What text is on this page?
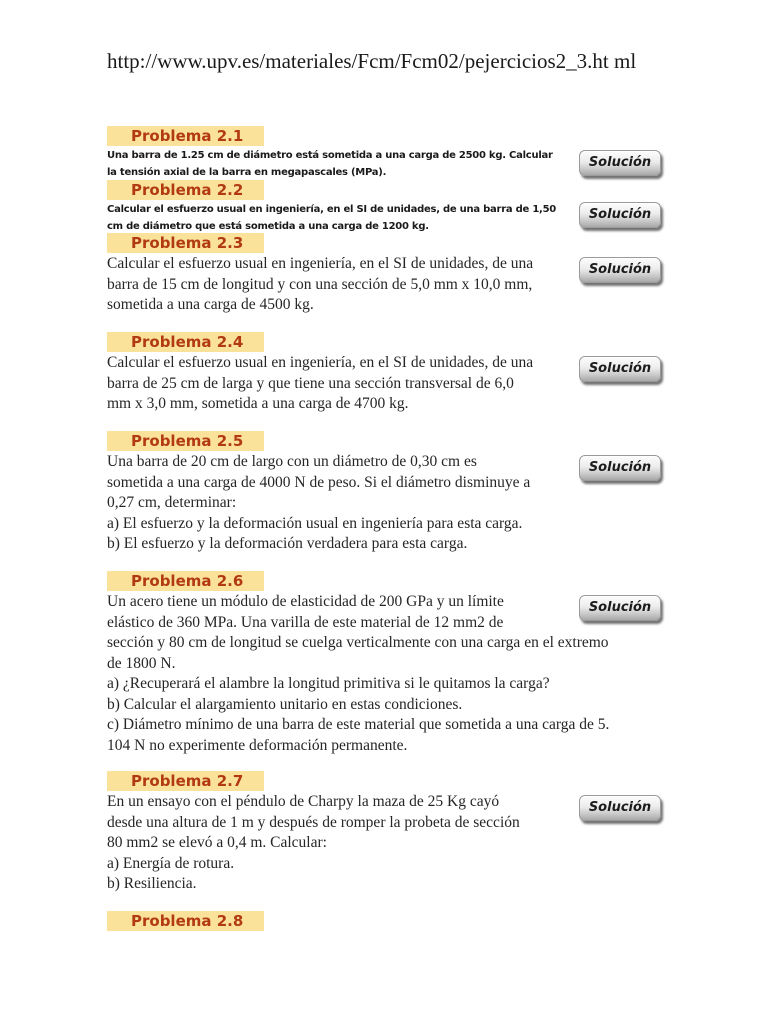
http://www.upv.es/materiales/Fcm/Fcm02/pejercicios2_3.ht ml
Problema 2.1
Una barra de 1.25 cm de diámetro está sometida a una carga de 2500 kg. Calcular
la tensión axial de la barra en megapascales (MPa).
Solución
Problema 2.2
Calcular el esfuerzo usual en ingeniería, en el SI de unidades, de una barra de 1,50
cm de diámetro que está sometida a una carga de 1200 kg.
Solución
Problema 2.3
Calcular el esfuerzo usual en ingeniería, en el SI de unidades, de una
barra de 15 cm de longitud y con una sección de 5,0 mm x 10,0 mm,
sometida a una carga de 4500 kg.
Solución
Problema 2.4
Calcular el esfuerzo usual en ingeniería, en el SI de unidades, de una
barra de 25 cm de larga y que tiene una sección transversal de 6,0
mm x 3,0 mm, sometida a una carga de 4700 kg.
Solución
Problema 2.5
Una barra de 20 cm de largo con un diámetro de 0,30 cm es
sometida a una carga de 4000 N de peso. Si el diámetro disminuye a
0,27 cm, determinar:
a) El esfuerzo y la deformación usual en ingeniería para esta carga.
b) El esfuerzo y la deformación verdadera para esta carga.
Solución
Problema 2.6
Un acero tiene un módulo de elasticidad de 200 GPa y un límite
elástico de 360 MPa. Una varilla de este material de 12 mm2 de
sección y 80 cm de longitud se cuelga verticalmente con una carga en el extremo
de 1800 N.
a) ¿Recuperará el alambre la longitud primitiva si le quitamos la carga?
b) Calcular el alargamiento unitario en estas condiciones.
c) Diámetro mínimo de una barra de este material que sometida a una carga de 5.
104 N no experimente deformación permanente.
Solución
Problema 2.7
En un ensayo con el péndulo de Charpy la maza de 25 Kg cayó
desde una altura de 1 m y después de romper la probeta de sección
80 mm2 se elevó a 0,4 m. Calcular:
a) Energía de rotura.
b) Resiliencia.
Solución
Problema 2.8
